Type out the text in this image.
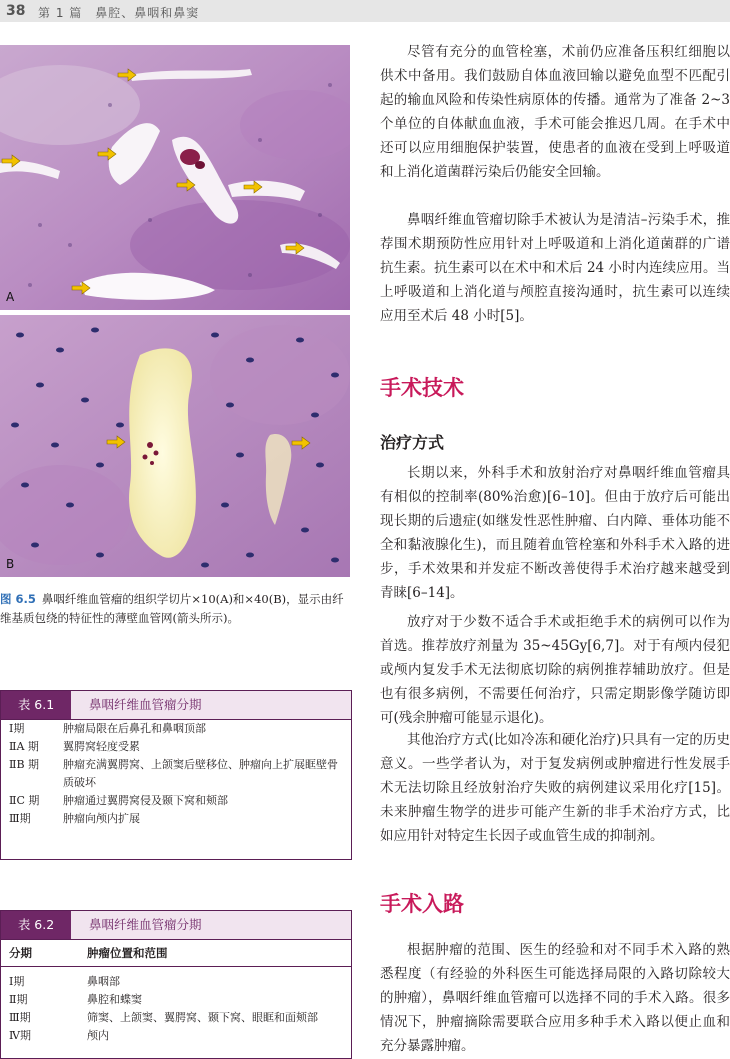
38 第 1 篇　鼻腔、鼻咽和鼻窦
A
B
图 6.5 鼻咽纤维血管瘤的组织学切片×10(A)和×40(B)，显示由纤维基质包绕的特征性的薄壁血管网(箭头所示)。
表 6.1	鼻咽纤维血管瘤分期
Ⅰ期	肿瘤局限在后鼻孔和鼻咽顶部
ⅡA 期	翼腭窝轻度受累
ⅡB 期	肿瘤充满翼腭窝、上颌窦后壁移位、肿瘤向上扩展眶壁骨质破坏
ⅡC 期	肿瘤通过翼腭窝侵及颞下窝和颊部
Ⅲ期	肿瘤向颅内扩展
表 6.2	鼻咽纤维血管瘤分期
分期	肿瘤位置和范围
Ⅰ期	鼻咽部
Ⅱ期	鼻腔和蝶窦
Ⅲ期	筛窦、上颌窦、翼腭窝、颞下窝、眼眶和面颊部
Ⅳ期	颅内

尽管有充分的血管栓塞，术前仍应准备压积红细胞以供术中备用。我们鼓励自体血液回输以避免血型不匹配引起的输血风险和传染性病原体的传播。通常为了准备 2~3 个单位的自体献血血液，手术可能会推迟几周。在手术中还可以应用细胞保护装置，使患者的血液在受到上呼吸道和上消化道菌群污染后仍能安全回输。

鼻咽纤维血管瘤切除手术被认为是清洁–污染手术，推荐围术期预防性应用针对上呼吸道和上消化道菌群的广谱抗生素。抗生素可以在术中和术后 24 小时内连续应用。当上呼吸道和上消化道与颅腔直接沟通时，抗生素可以连续应用至术后 48 小时[5]。

手术技术
治疗方式

长期以来，外科手术和放射治疗对鼻咽纤维血管瘤具有相似的控制率(80%治愈)[6–10]。但由于放疗后可能出现长期的后遗症(如继发性恶性肿瘤、白内障、垂体功能不全和黏液腺化生)，而且随着血管栓塞和外科手术入路的进步，手术效果和并发症不断改善使得手术治疗越来越受到青睐[6–14]。

放疗对于少数不适合手术或拒绝手术的病例可以作为首选。推荐放疗剂量为 35~45Gy[6,7]。对于有颅内侵犯或颅内复发手术无法彻底切除的病例推荐辅助放疗。但是也有很多病例，不需要任何治疗，只需定期影像学随访即可(残余肿瘤可能显示退化)。

其他治疗方式(比如冷冻和硬化治疗)只具有一定的历史意义。一些学者认为，对于复发病例或肿瘤进行性发展手术无法切除且经放射治疗失败的病例建议采用化疗[15]。未来肿瘤生物学的进步可能产生新的非手术治疗方式，比如应用针对特定生长因子或血管生成的抑制剂。

手术入路

根据肿瘤的范围、医生的经验和对不同手术入路的熟悉程度（有经验的外科医生可能选择局限的入路切除较大的肿瘤），鼻咽纤维血管瘤可以选择不同的手术入路。很多情况下，肿瘤摘除需要联合应用多种手术入路以便止血和充分暴露肿瘤。
